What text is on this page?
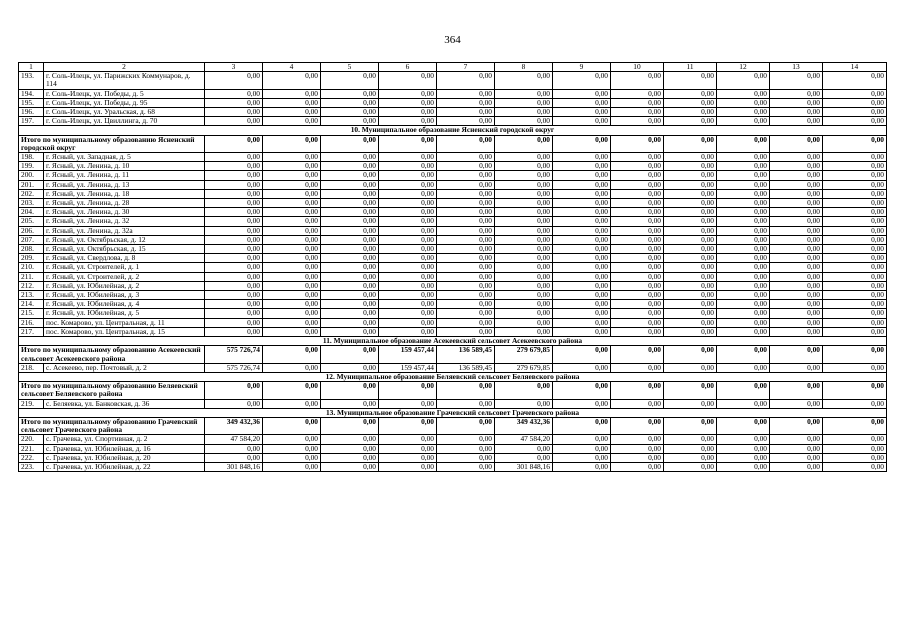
364
1	2	3	4	5	6	7	8	9	10	11	12	13	14
193.	г. Соль-Илецк, ул. Парижских Коммунаров, д. 114	0,00	0,00	0,00	0,00	0,00	0,00	0,00	0,00	0,00	0,00	0,00	0,00
194.	г. Соль-Илецк, ул. Победы, д. 5	0,00	0,00	0,00	0,00	0,00	0,00	0,00	0,00	0,00	0,00	0,00	0,00
195.	г. Соль-Илецк, ул. Победы, д. 95	0,00	0,00	0,00	0,00	0,00	0,00	0,00	0,00	0,00	0,00	0,00	0,00
196.	г. Соль-Илецк, ул. Уральская, д. 68	0,00	0,00	0,00	0,00	0,00	0,00	0,00	0,00	0,00	0,00	0,00	0,00
197.	г. Соль-Илецк, ул. Цвиллинга, д. 70	0,00	0,00	0,00	0,00	0,00	0,00	0,00	0,00	0,00	0,00	0,00	0,00
10. Муниципальное образование Ясненский городской округ													
Итого по муниципальному образованию Ясненский городской округ		0,00	0,00	0,00	0,00	0,00	0,00	0,00	0,00	0,00	0,00	0,00	0,00
198.	г. Ясный, ул. Западная, д. 5	0,00	0,00	0,00	0,00	0,00	0,00	0,00	0,00	0,00	0,00	0,00	0,00
199.	г. Ясный, ул. Ленина, д. 10	0,00	0,00	0,00	0,00	0,00	0,00	0,00	0,00	0,00	0,00	0,00	0,00
200.	г. Ясный, ул. Ленина, д. 11	0,00	0,00	0,00	0,00	0,00	0,00	0,00	0,00	0,00	0,00	0,00	0,00
201.	г. Ясный, ул. Ленина, д. 13	0,00	0,00	0,00	0,00	0,00	0,00	0,00	0,00	0,00	0,00	0,00	0,00
202.	г. Ясный, ул. Ленина, д. 18	0,00	0,00	0,00	0,00	0,00	0,00	0,00	0,00	0,00	0,00	0,00	0,00
203.	г. Ясный, ул. Ленина, д. 28	0,00	0,00	0,00	0,00	0,00	0,00	0,00	0,00	0,00	0,00	0,00	0,00
204.	г. Ясный, ул. Ленина, д. 30	0,00	0,00	0,00	0,00	0,00	0,00	0,00	0,00	0,00	0,00	0,00	0,00
205.	г. Ясный, ул. Ленина, д. 32	0,00	0,00	0,00	0,00	0,00	0,00	0,00	0,00	0,00	0,00	0,00	0,00
206.	г. Ясный, ул. Ленина, д. 32а	0,00	0,00	0,00	0,00	0,00	0,00	0,00	0,00	0,00	0,00	0,00	0,00
207.	г. Ясный, ул. Октябрьская, д. 12	0,00	0,00	0,00	0,00	0,00	0,00	0,00	0,00	0,00	0,00	0,00	0,00
208.	г. Ясный, ул. Октябрьская, д. 15	0,00	0,00	0,00	0,00	0,00	0,00	0,00	0,00	0,00	0,00	0,00	0,00
209.	г. Ясный, ул. Свердлова, д. 8	0,00	0,00	0,00	0,00	0,00	0,00	0,00	0,00	0,00	0,00	0,00	0,00
210.	г. Ясный, ул. Строителей, д. 1	0,00	0,00	0,00	0,00	0,00	0,00	0,00	0,00	0,00	0,00	0,00	0,00
211.	г. Ясный, ул. Строителей, д. 2	0,00	0,00	0,00	0,00	0,00	0,00	0,00	0,00	0,00	0,00	0,00	0,00
212.	г. Ясный, ул. Юбилейная, д. 2	0,00	0,00	0,00	0,00	0,00	0,00	0,00	0,00	0,00	0,00	0,00	0,00
213.	г. Ясный, ул. Юбилейная, д. 3	0,00	0,00	0,00	0,00	0,00	0,00	0,00	0,00	0,00	0,00	0,00	0,00
214.	г. Ясный, ул. Юбилейная, д. 4	0,00	0,00	0,00	0,00	0,00	0,00	0,00	0,00	0,00	0,00	0,00	0,00
215.	г. Ясный, ул. Юбилейная, д. 5	0,00	0,00	0,00	0,00	0,00	0,00	0,00	0,00	0,00	0,00	0,00	0,00
216.	пос. Комарово, ул. Центральная, д. 11	0,00	0,00	0,00	0,00	0,00	0,00	0,00	0,00	0,00	0,00	0,00	0,00
217.	пос. Комарово, ул. Центральная, д. 15	0,00	0,00	0,00	0,00	0,00	0,00	0,00	0,00	0,00	0,00	0,00	0,00
11. Муниципальное образование Асекеевский сельсовет Асекеевского района													
Итого по муниципальному образованию Асекеевский сельсовет Асекеевского района		575 726,74	0,00	0,00	159 457,44	136 589,45	279 679,85	0,00	0,00	0,00	0,00	0,00	0,00
218.	с. Асекеево, пер. Почтовый, д. 2	575 726,74	0,00	0,00	159 457,44	136 589,45	279 679,85	0,00	0,00	0,00	0,00	0,00	0,00
12. Муниципальное образование Беляевский сельсовет Беляевского района													
Итого по муниципальному образованию Беляевский сельсовет Беляевского района		0,00	0,00	0,00	0,00	0,00	0,00	0,00	0,00	0,00	0,00	0,00	0,00
219.	с. Беляевка, ул. Банковская, д. 36	0,00	0,00	0,00	0,00	0,00	0,00	0,00	0,00	0,00	0,00	0,00	0,00
13. Муниципальное образование Грачевский сельсовет Грачевского района													
Итого по муниципальному образованию Грачевский сельсовет Грачевского района		349 432,36	0,00	0,00	0,00	0,00	349 432,36	0,00	0,00	0,00	0,00	0,00	0,00
220.	с. Грачевка, ул. Спортивная, д. 2	47 584,20	0,00	0,00	0,00	0,00	47 584,20	0,00	0,00	0,00	0,00	0,00	0,00
221.	с. Грачевка, ул. Юбилейная, д. 16	0,00	0,00	0,00	0,00	0,00	0,00	0,00	0,00	0,00	0,00	0,00	0,00
222.	с. Грачевка, ул. Юбилейная, д. 20	0,00	0,00	0,00	0,00	0,00	0,00	0,00	0,00	0,00	0,00	0,00	0,00
223.	с. Грачевка, ул. Юбилейная, д. 22	301 848,16	0,00	0,00	0,00	0,00	301 848,16	0,00	0,00	0,00	0,00	0,00	0,00
